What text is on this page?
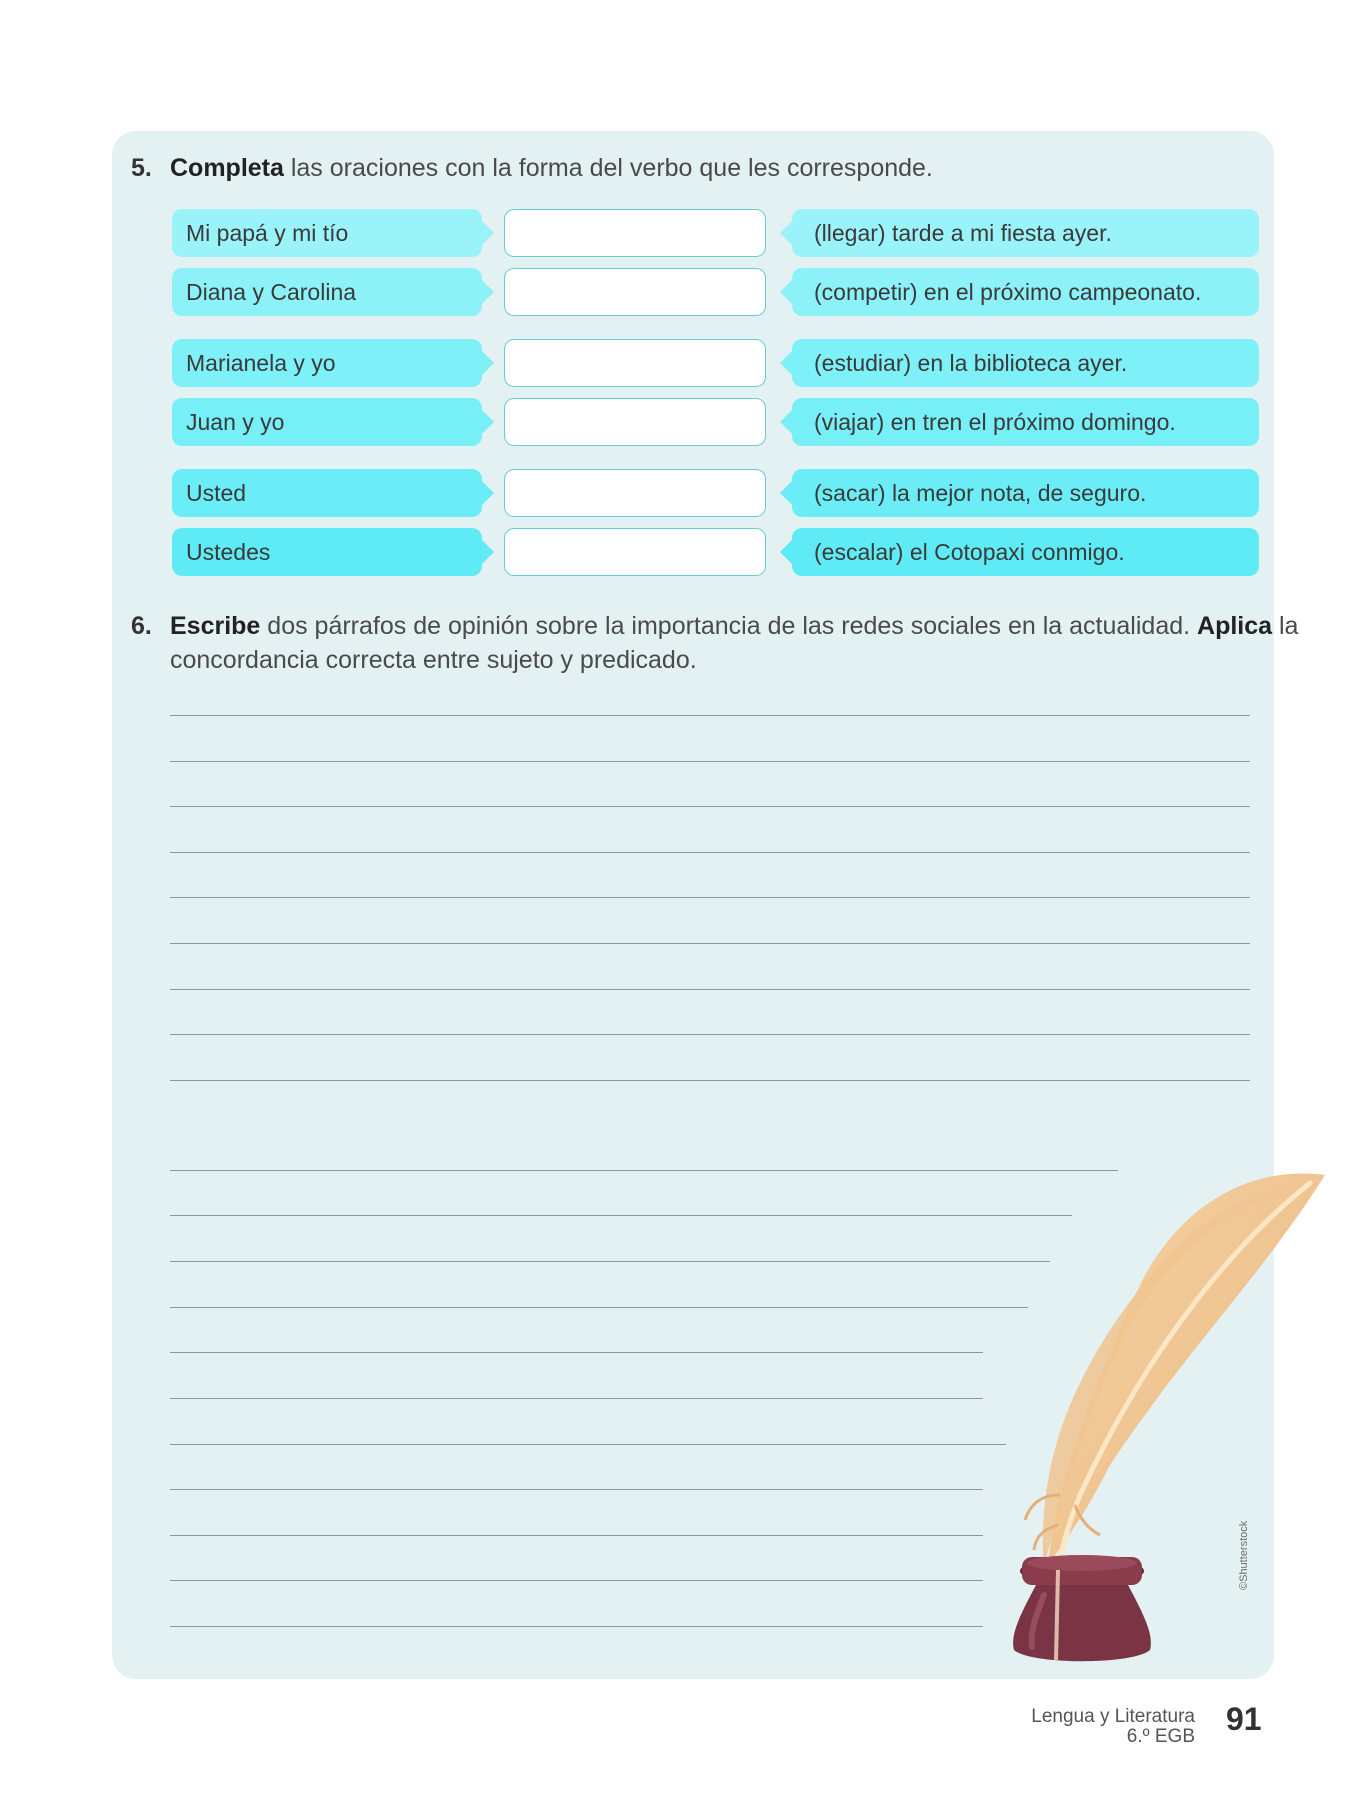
5. Completa las oraciones con la forma del verbo que les corresponde.
Mi papá y mi tío	(llegar) tarde a mi fiesta ayer.
Diana y Carolina	(competir) en el próximo campeonato.
Marianela y yo	(estudiar) en la biblioteca ayer.
Juan y yo	(viajar) en tren el próximo domingo.
Usted	(sacar) la mejor nota, de seguro.
Ustedes	(escalar) el Cotopaxi conmigo.
6. Escribe dos párrafos de opinión sobre la importancia de las redes sociales en la actualidad. Aplica la
concordancia correcta entre sujeto y predicado.
©Shutterstock
Lengua y Literatura
6.º EGB 91
